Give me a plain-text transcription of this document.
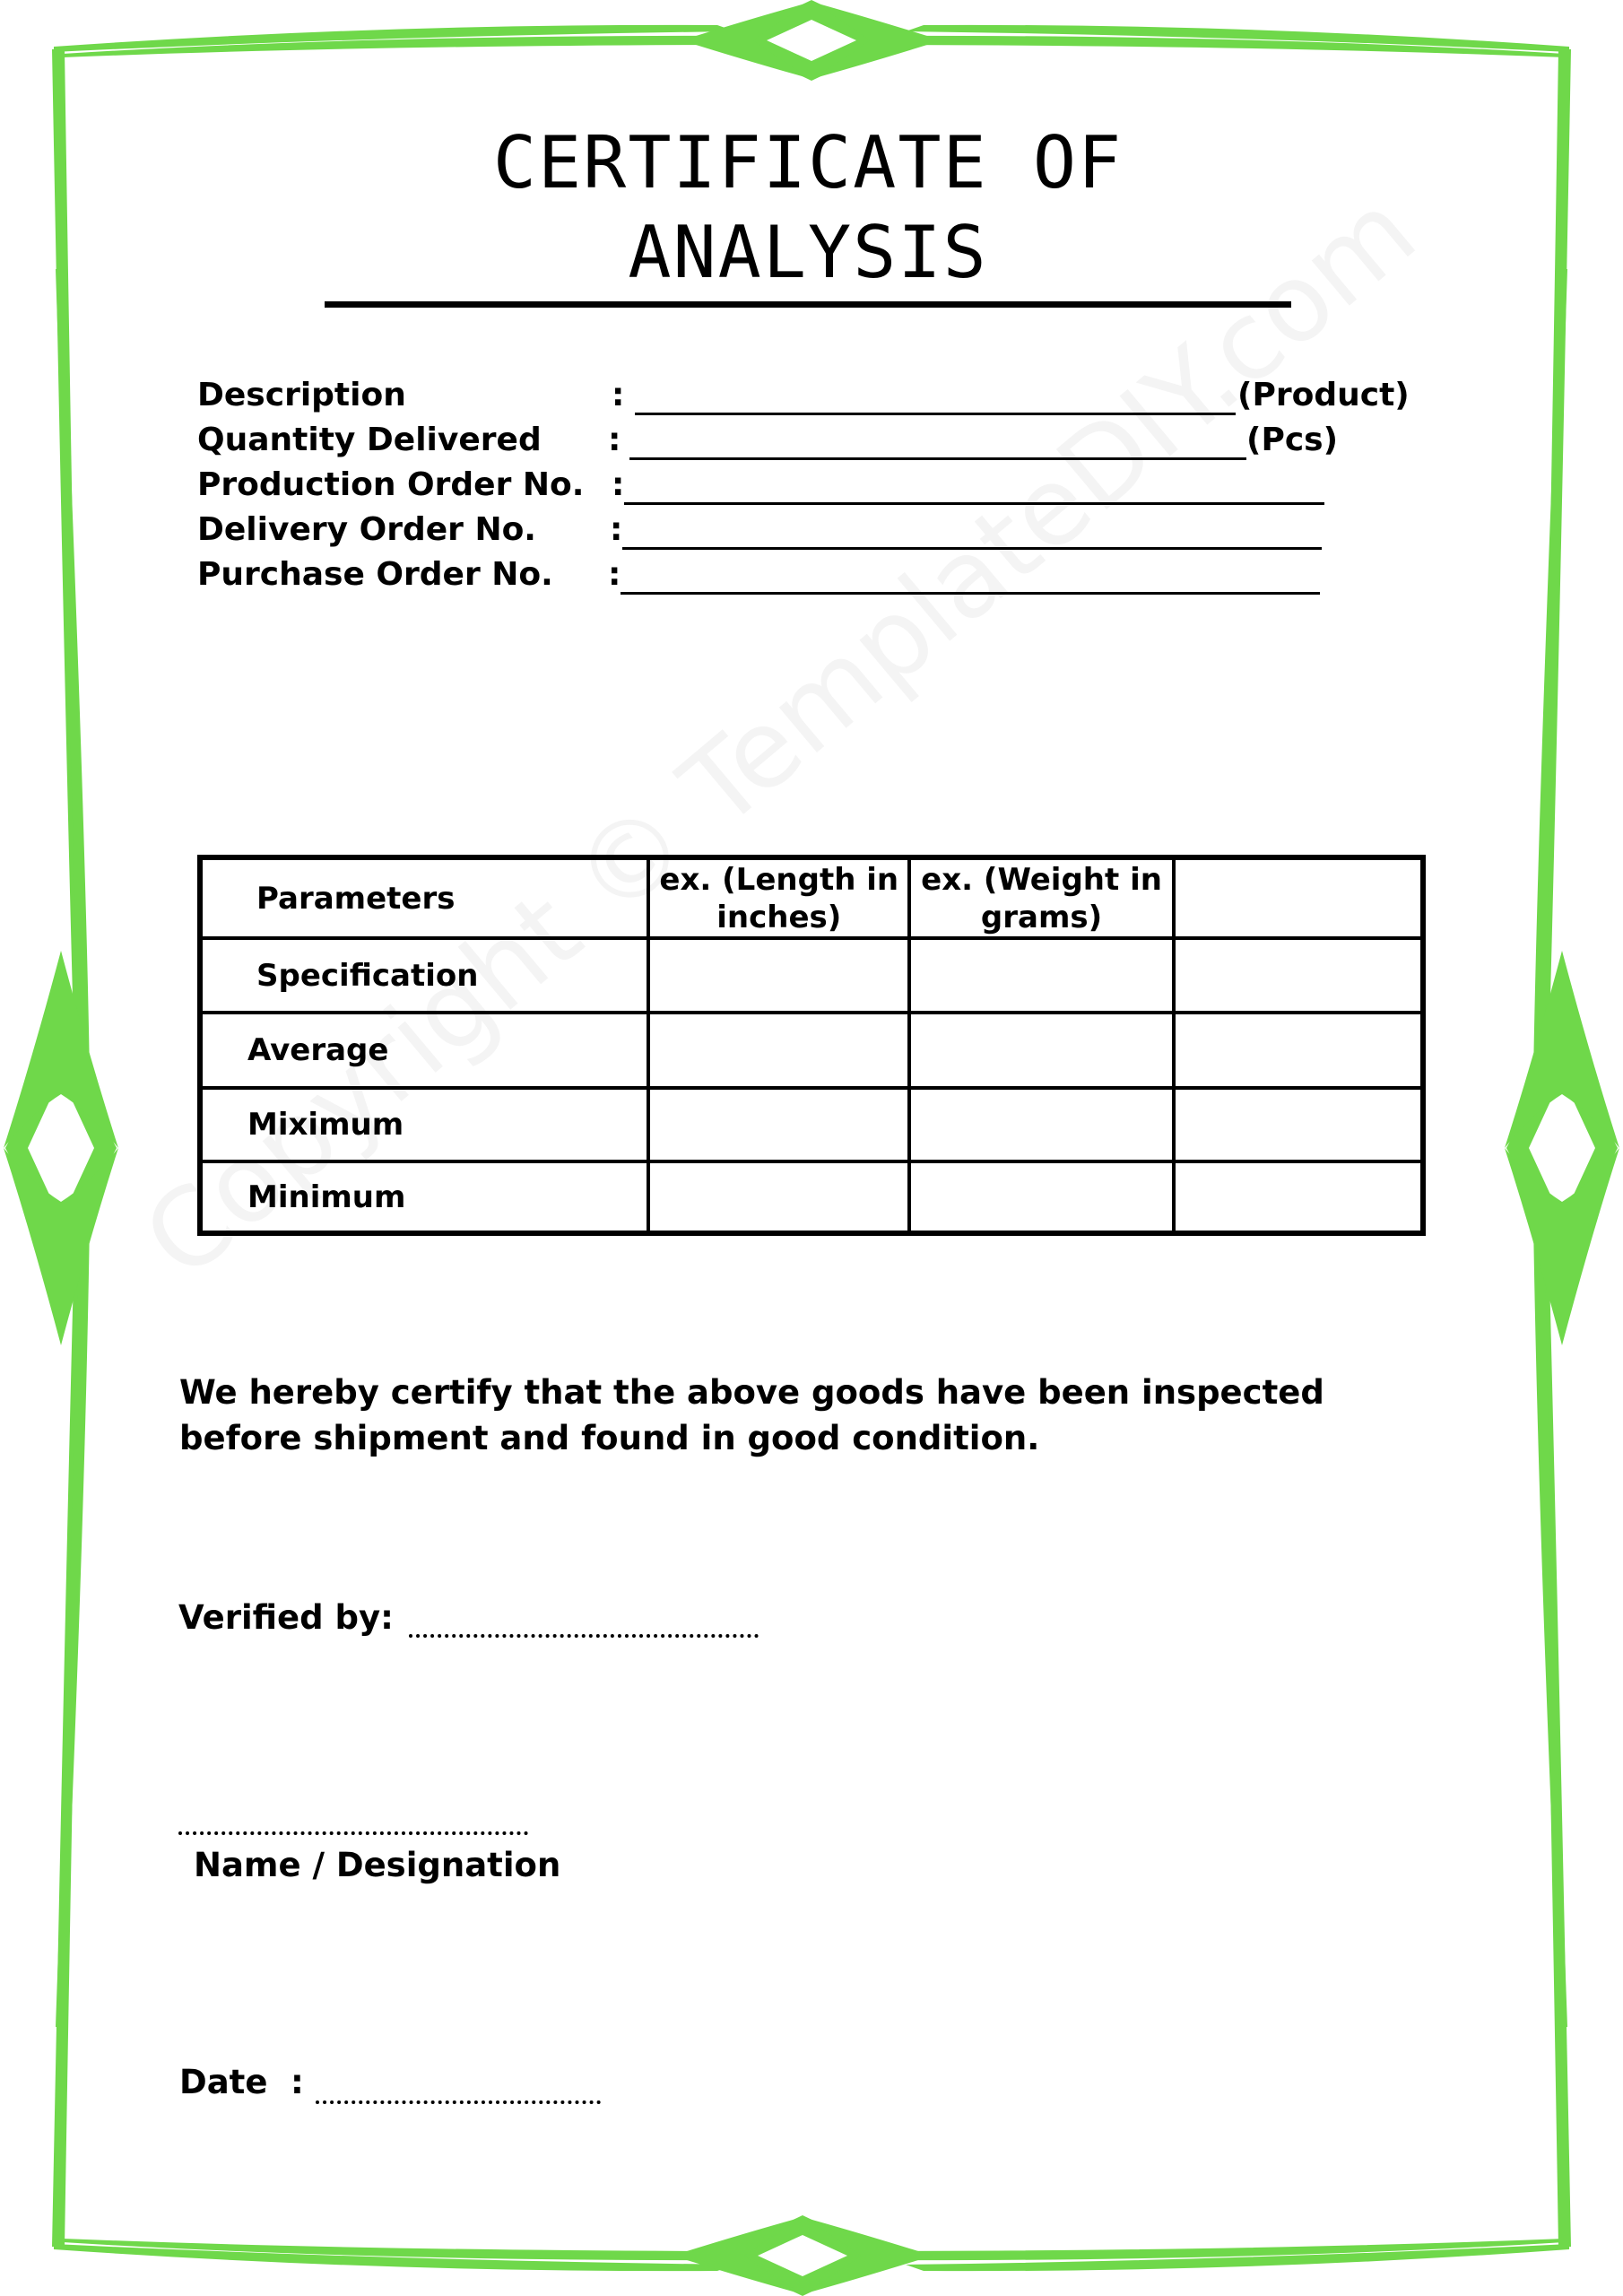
CERTIFICATE OF ANALYSIS
Description	:	(Product)
Quantity Delivered :	(Pcs)
Production Order No. :
Delivery Order No. :
Purchase Order No. :
Parameters	ex. (Length in inches)	ex. (Weight in grams)	
Specification			
Average			
Miximum			
Minimum			
We hereby certify that the above goods have been inspected before shipment and found in good condition.
Verified by:
Name / Designation
Date :
